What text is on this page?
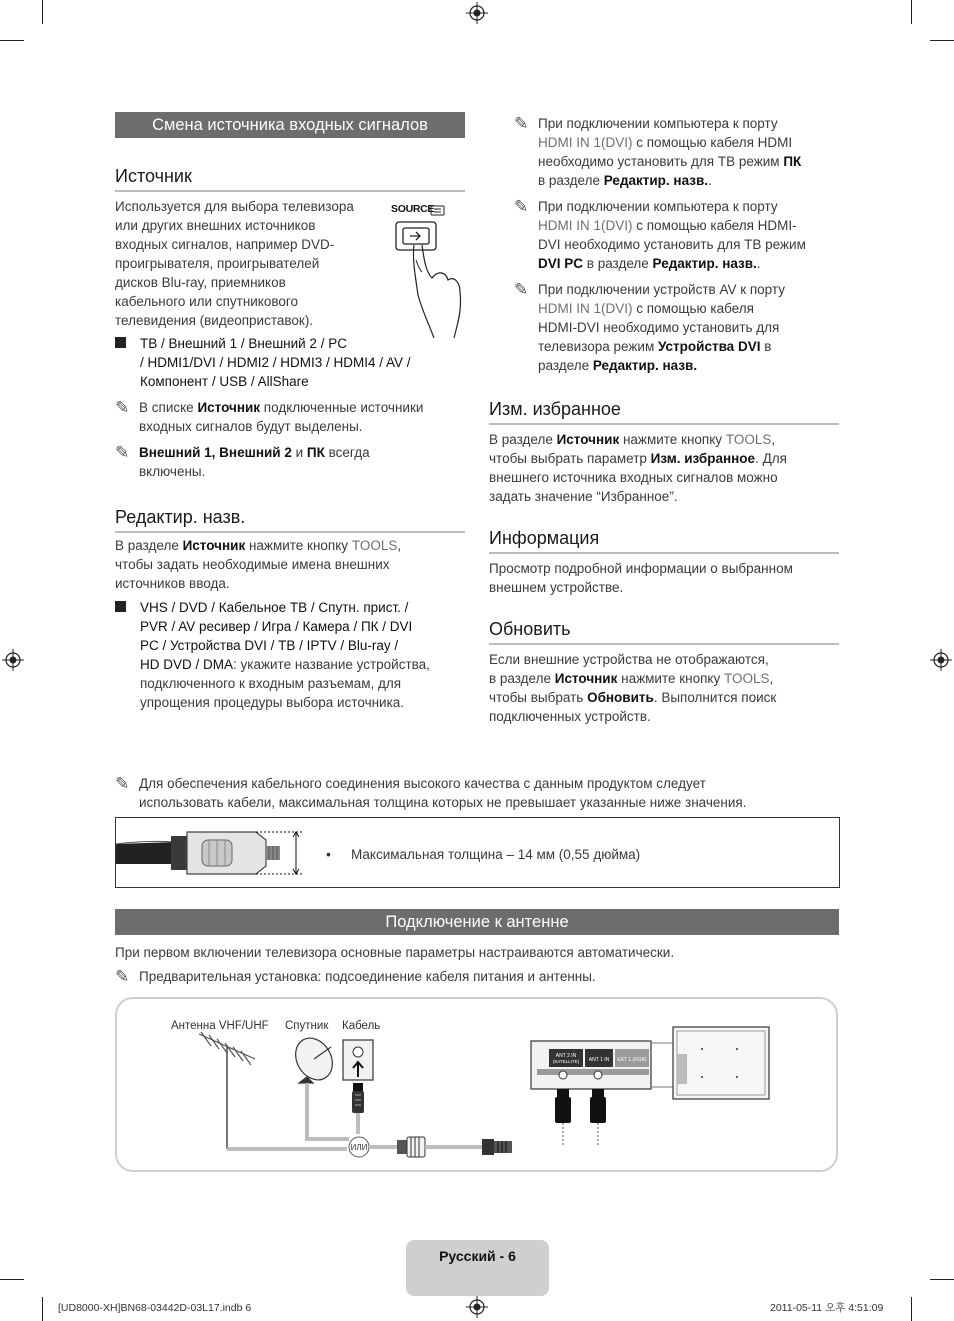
Смена источника входных сигналов
Источник
Используется для выбора телевизора
или других внешних источников
входных сигналов, например DVD-
проигрывателя, проигрывателей
дисков Blu-ray, приемников
кабельного или спутникового
телевидения (видеоприставок).
SOURCE
ТВ / Внешний 1 / Внешний 2 / PC
/ HDMI1/DVI / HDMI2 / HDMI3 / HDMI4 / AV /
Компонент / USB / AllShare
✎ В списке Источник подключенные источники
входных сигналов будут выделены.
✎ Внешний 1, Внешний 2 и ПК всегда
включены.
Редактир. назв.
В разделе Источник нажмите кнопку TOOLS,
чтобы задать необходимые имена внешних
источников ввода.
VHS / DVD / Кабельное ТВ / Спутн. прист. /
PVR / AV ресивер / Игра / Камера / ПК / DVI
PC / Устройства DVI / ТВ / IPTV / Blu-ray /
HD DVD / DMA: укажите название устройства,
подключенного к входным разъемам, для
упрощения процедуры выбора источника.
✎ При подключении компьютера к порту
HDMI IN 1(DVI) с помощью кабеля HDMI
необходимо установить для ТВ режим ПК
в разделе Редактир. назв..
✎ При подключении компьютера к порту
HDMI IN 1(DVI) с помощью кабеля HDMI-
DVI необходимо установить для ТВ режим
DVI PC в разделе Редактир. назв..
✎ При подключении устройств AV к порту
HDMI IN 1(DVI) с помощью кабеля
HDMI-DVI необходимо установить для
телевизора режим Устройства DVI в
разделе Редактир. назв.
Изм. избранное
В разделе Источник нажмите кнопку TOOLS,
чтобы выбрать параметр Изм. избранное. Для
внешнего источника входных сигналов можно
задать значение “Избранное”.
Информация
Просмотр подробной информации о выбранном
внешнем устройстве.
Обновить
Если внешние устройства не отображаются,
в разделе Источник нажмите кнопку TOOLS,
чтобы выбрать Обновить. Выполнится поиск
подключенных устройств.
✎ Для обеспечения кабельного соединения высокого качества с данным продуктом следует
использовать кабели, максимальная толщина которых не превышает указанные ниже значения.
• Максимальная толщина – 14 мм (0,55 дюйма)
Подключение к антенне
При первом включении телевизора основные параметры настраиваются автоматически.
✎ Предварительная установка: подсоединение кабеля питания и антенны.
Антенна VHF/UHF Спутник Кабель
ИЛИ
ANT 2 IN
(SATELLITE) ANT 1 IN EXT 1 (RGB)
Русский - 6
[UD8000-XH]BN68-03442D-03L17.indb 6	2011-05-11 오후 4:51:09
